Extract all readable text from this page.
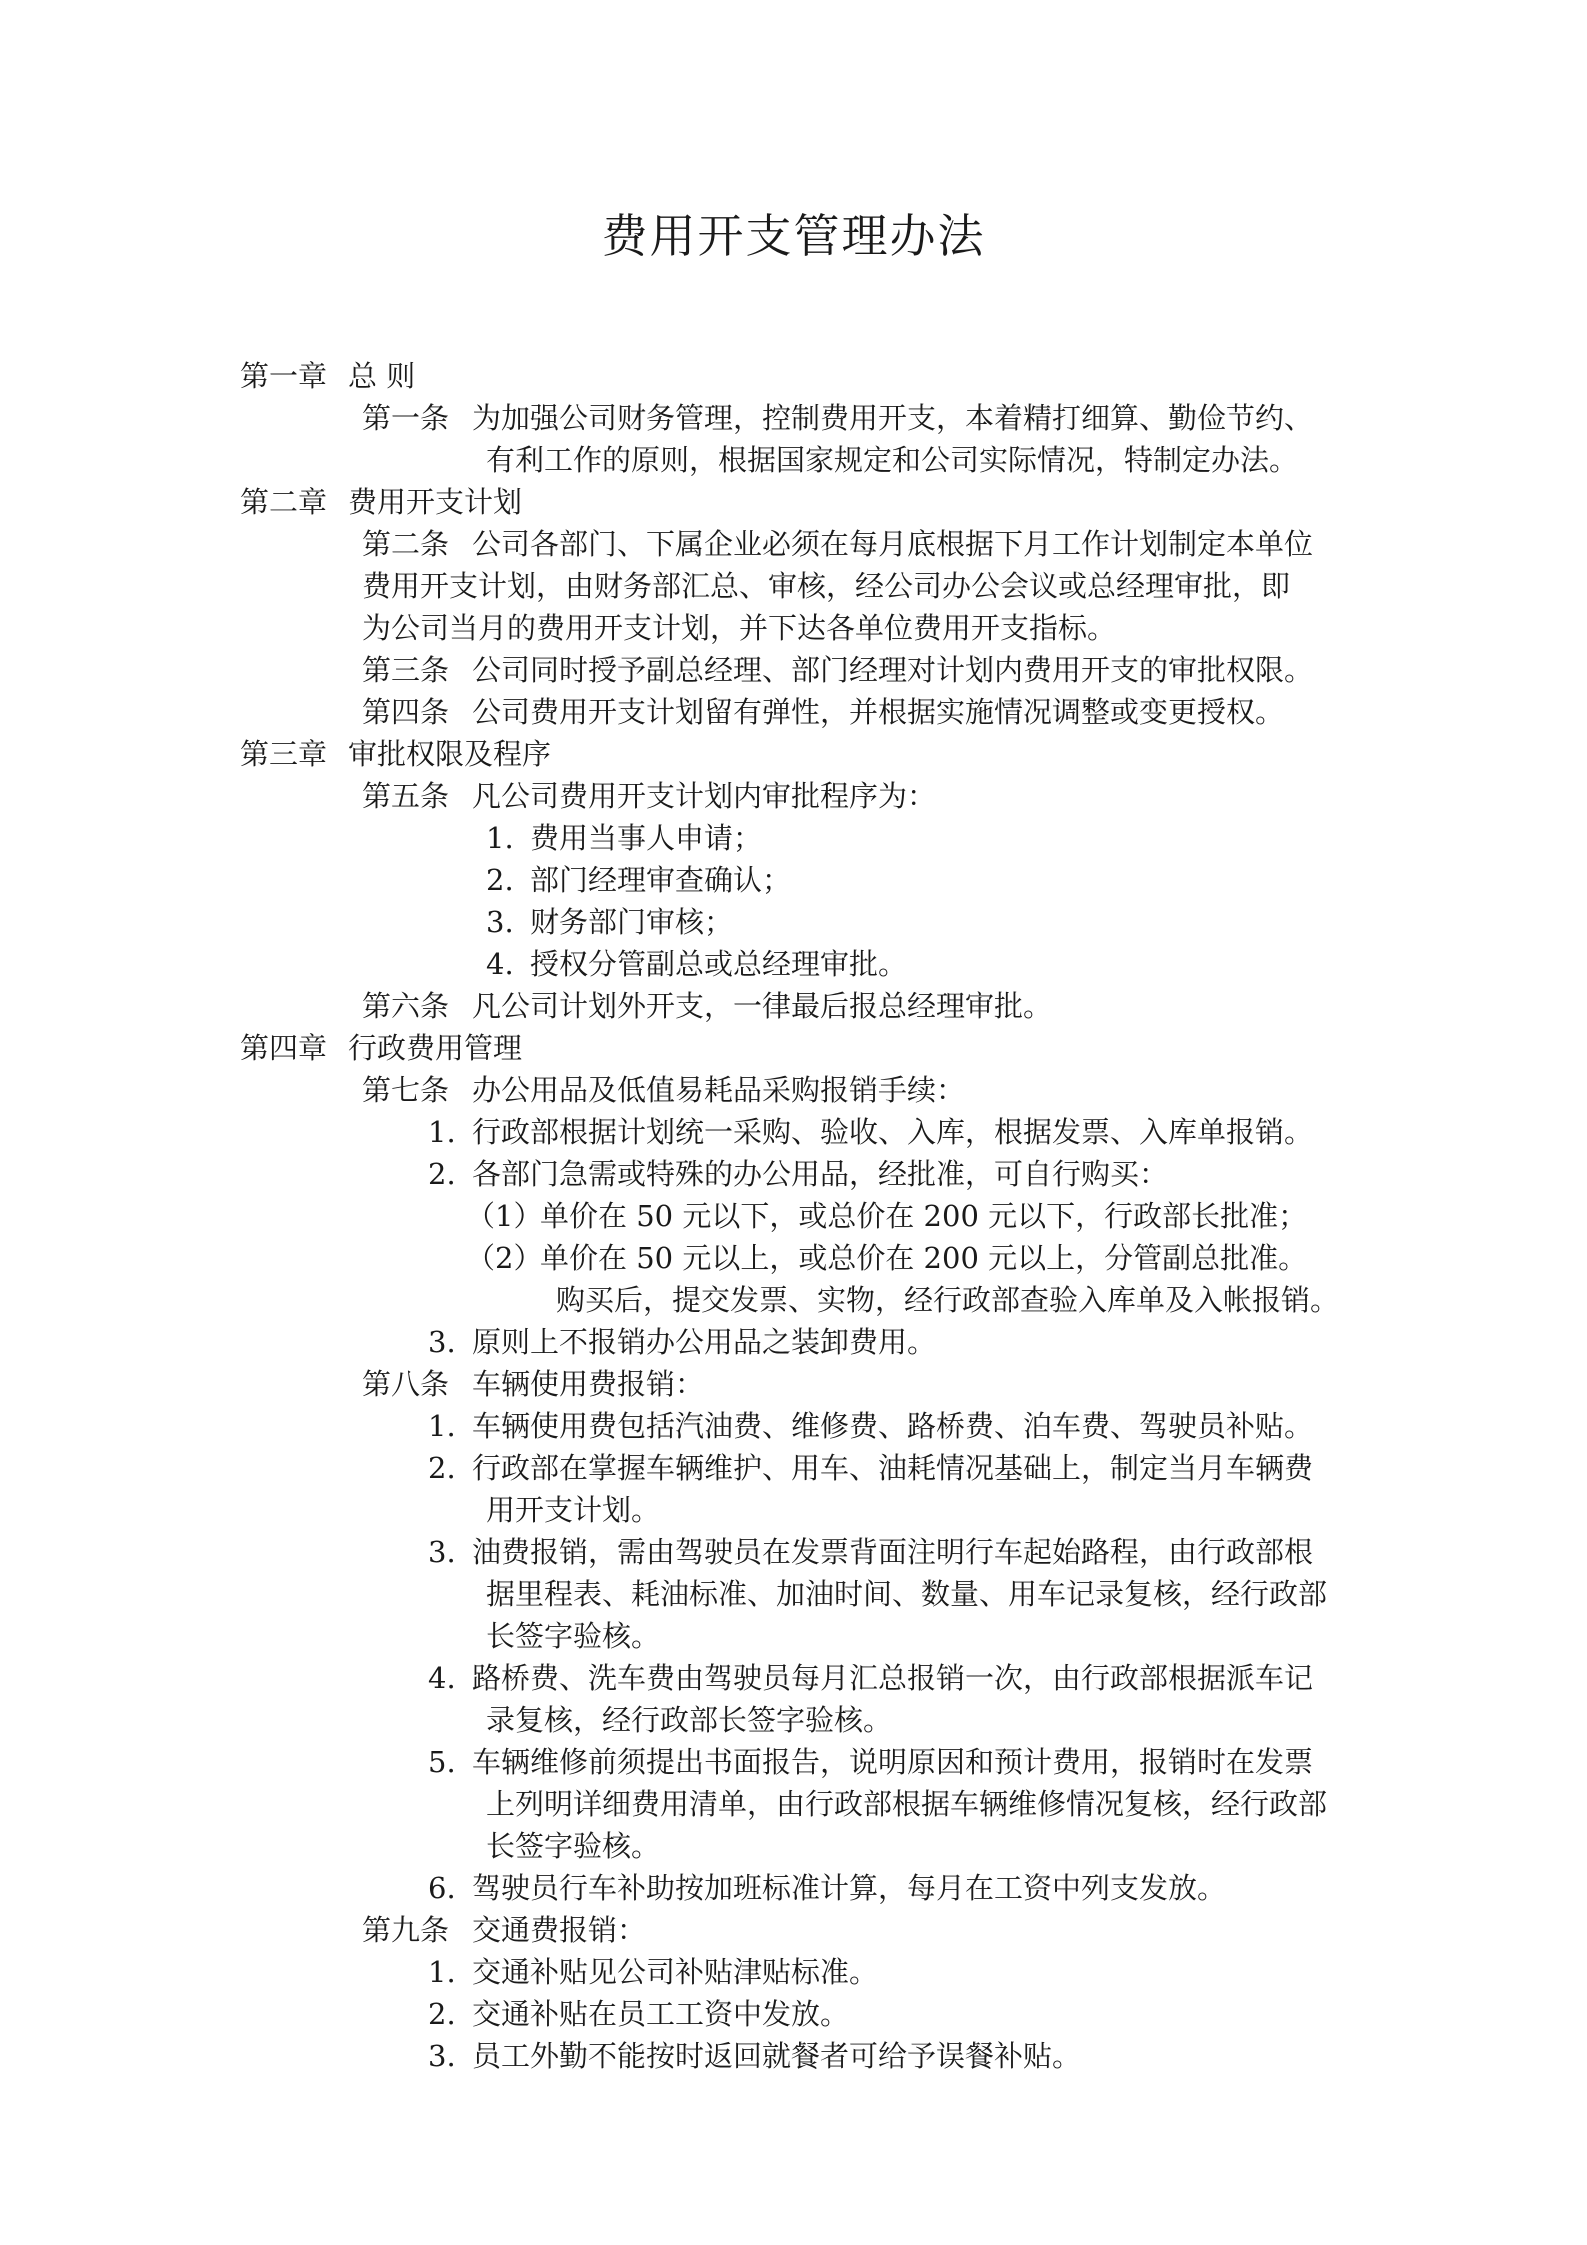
费用开支管理办法
第一章 总 则
第一条 为加强公司财务管理，控制费用开支，本着精打细算、勤俭节约、
有利工作的原则，根据国家规定和公司实际情况，特制定办法。
第二章 费用开支计划
第二条 公司各部门、下属企业必须在每月底根据下月工作计划制定本单位
费用开支计划，由财务部汇总、审核，经公司办公会议或总经理审批，即
为公司当月的费用开支计划，并下达各单位费用开支指标。
第三条 公司同时授予副总经理、部门经理对计划内费用开支的审批权限。
第四条 公司费用开支计划留有弹性，并根据实施情况调整或变更授权。
第三章 审批权限及程序
第五条 凡公司费用开支计划内审批程序为：
1. 费用当事人申请；
2. 部门经理审查确认；
3. 财务部门审核；
4. 授权分管副总或总经理审批。
第六条 凡公司计划外开支，一律最后报总经理审批。
第四章 行政费用管理
第七条 办公用品及低值易耗品采购报销手续：
1. 行政部根据计划统一采购、验收、入库，根据发票、入库单报销。
2. 各部门急需或特殊的办公用品，经批准，可自行购买：
（1）单价在 50 元以下，或总价在 200 元以下，行政部长批准；
（2）单价在 50 元以上，或总价在 200 元以上，分管副总批准。
购买后，提交发票、实物，经行政部查验入库单及入帐报销。
3. 原则上不报销办公用品之装卸费用。
第八条 车辆使用费报销：
1. 车辆使用费包括汽油费、维修费、路桥费、泊车费、驾驶员补贴。
2. 行政部在掌握车辆维护、用车、油耗情况基础上，制定当月车辆费
用开支计划。
3. 油费报销，需由驾驶员在发票背面注明行车起始路程，由行政部根
据里程表、耗油标准、加油时间、数量、用车记录复核，经行政部
长签字验核。
4. 路桥费、洗车费由驾驶员每月汇总报销一次，由行政部根据派车记
录复核，经行政部长签字验核。
5. 车辆维修前须提出书面报告，说明原因和预计费用，报销时在发票
上列明详细费用清单，由行政部根据车辆维修情况复核，经行政部
长签字验核。
6. 驾驶员行车补助按加班标准计算，每月在工资中列支发放。
第九条 交通费报销：
1. 交通补贴见公司补贴津贴标准。
2. 交通补贴在员工工资中发放。
3. 员工外勤不能按时返回就餐者可给予误餐补贴。
